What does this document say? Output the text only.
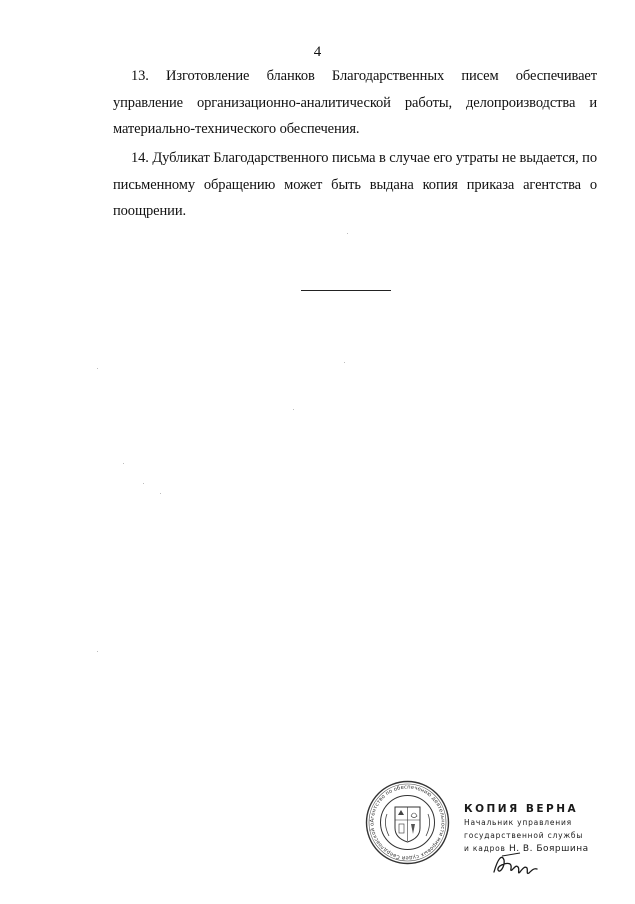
4

13. Изготовление бланков Благодарственных писем обеспечивает управление организационно-аналитической работы, делопроизводства и материально-технического обеспечения.

14. Дубликат Благодарственного письма в случае его утраты не выдается, по письменному обращению может быть выдана копия приказа агентства о поощрении.

Агентство по обеспечению деятельности мировых судей Свердловской о
КОПИЯ ВЕРНА
Начальник управления
государственной службы
и кадров Н. В. Бояршина
